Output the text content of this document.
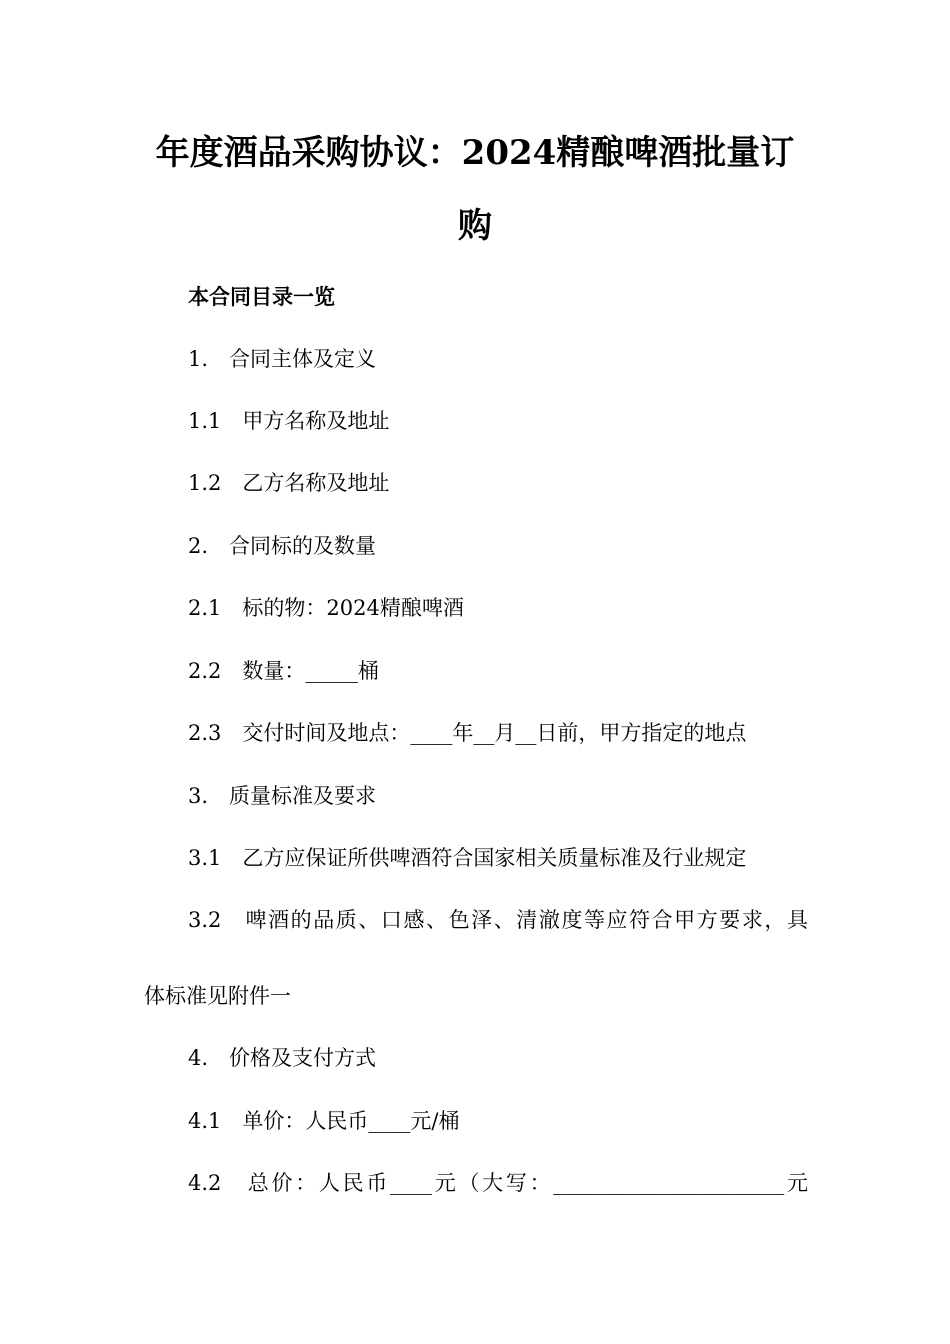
年度酒品采购协议：2024精酿啤酒批量订
购
本合同目录一览
1.　合同主体及定义
1.1　甲方名称及地址
1.2　乙方名称及地址
2.　合同标的及数量
2.1　标的物：2024精酿啤酒
2.2　数量：_____桶
2.3　交付时间及地点：____年__月__日前，甲方指定的地点
3.　质量标准及要求
3.1　乙方应保证所供啤酒符合国家相关质量标准及行业规定
3.2　啤酒的品质、口感、色泽、清澈度等应符合甲方要求，具
体标准见附件一
4.　价格及支付方式
4.1　单价：人民币____元/桶
4.2　总价：人民币____元（大写：______________________元
